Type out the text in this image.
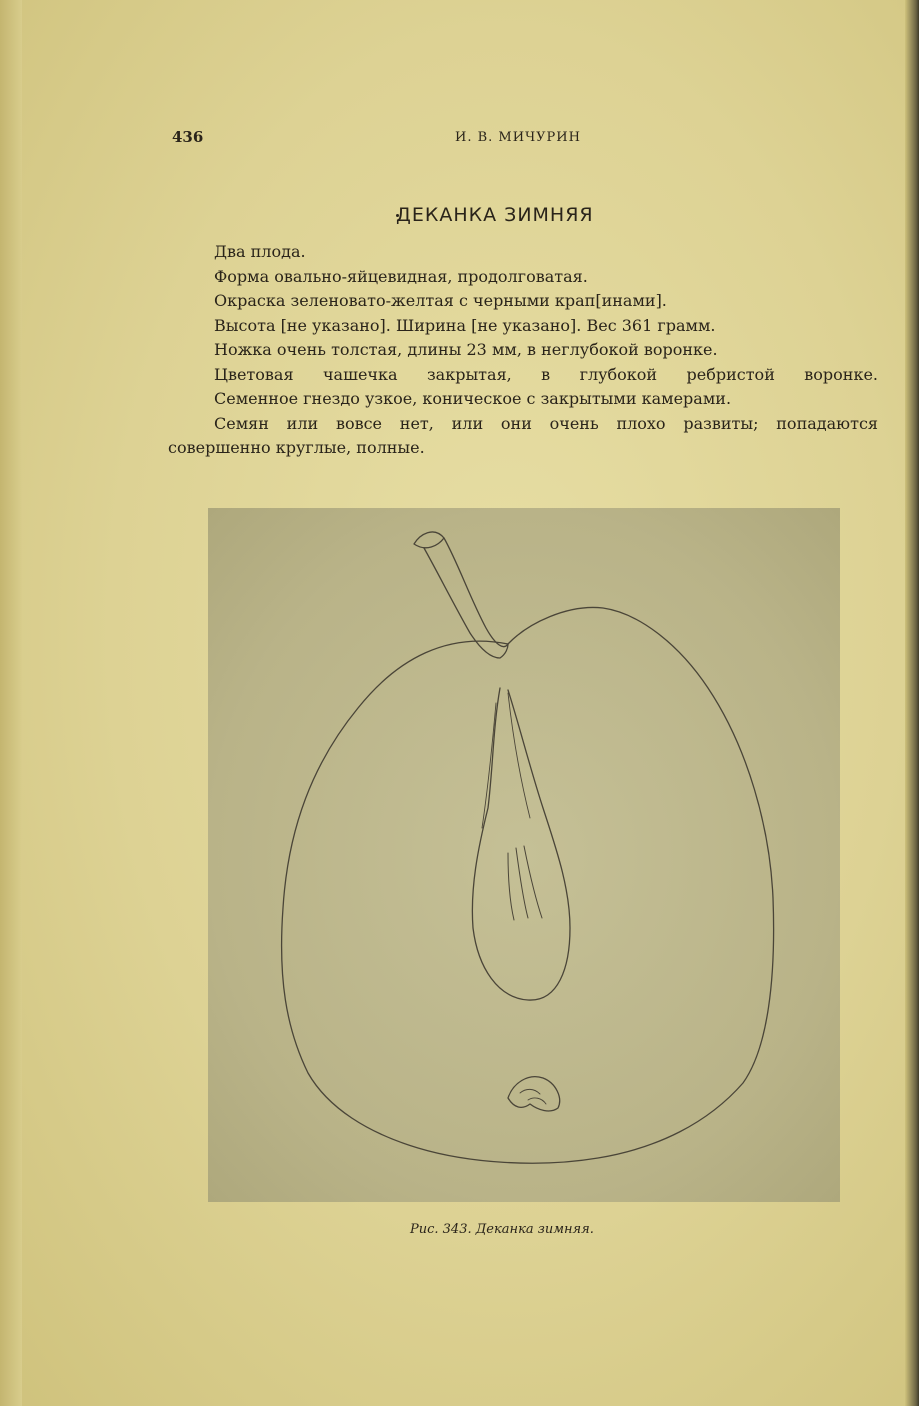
436	И. В. МИЧУРИН
ДЕКАНКА ЗИМНЯЯ
Два плода.
Форма овально-яйцевидная, продолговатая.
Окраска зеленовато-желтая с черными крап[инами].
Высота [не указано]. Ширина [не указано]. Вес 361 грамм.
Ножка очень толстая, длины 23 мм, в неглубокой воронке.
Цветовая чашечка закрытая, в глубокой ребристой воронке.
Семенное гнездо узкое, коническое с закрытыми камерами.
Семян или вовсе нет, или они очень плохо развиты; попадаются
совершенно круглые, полные.
Рис. 343. Деканка зимняя.
